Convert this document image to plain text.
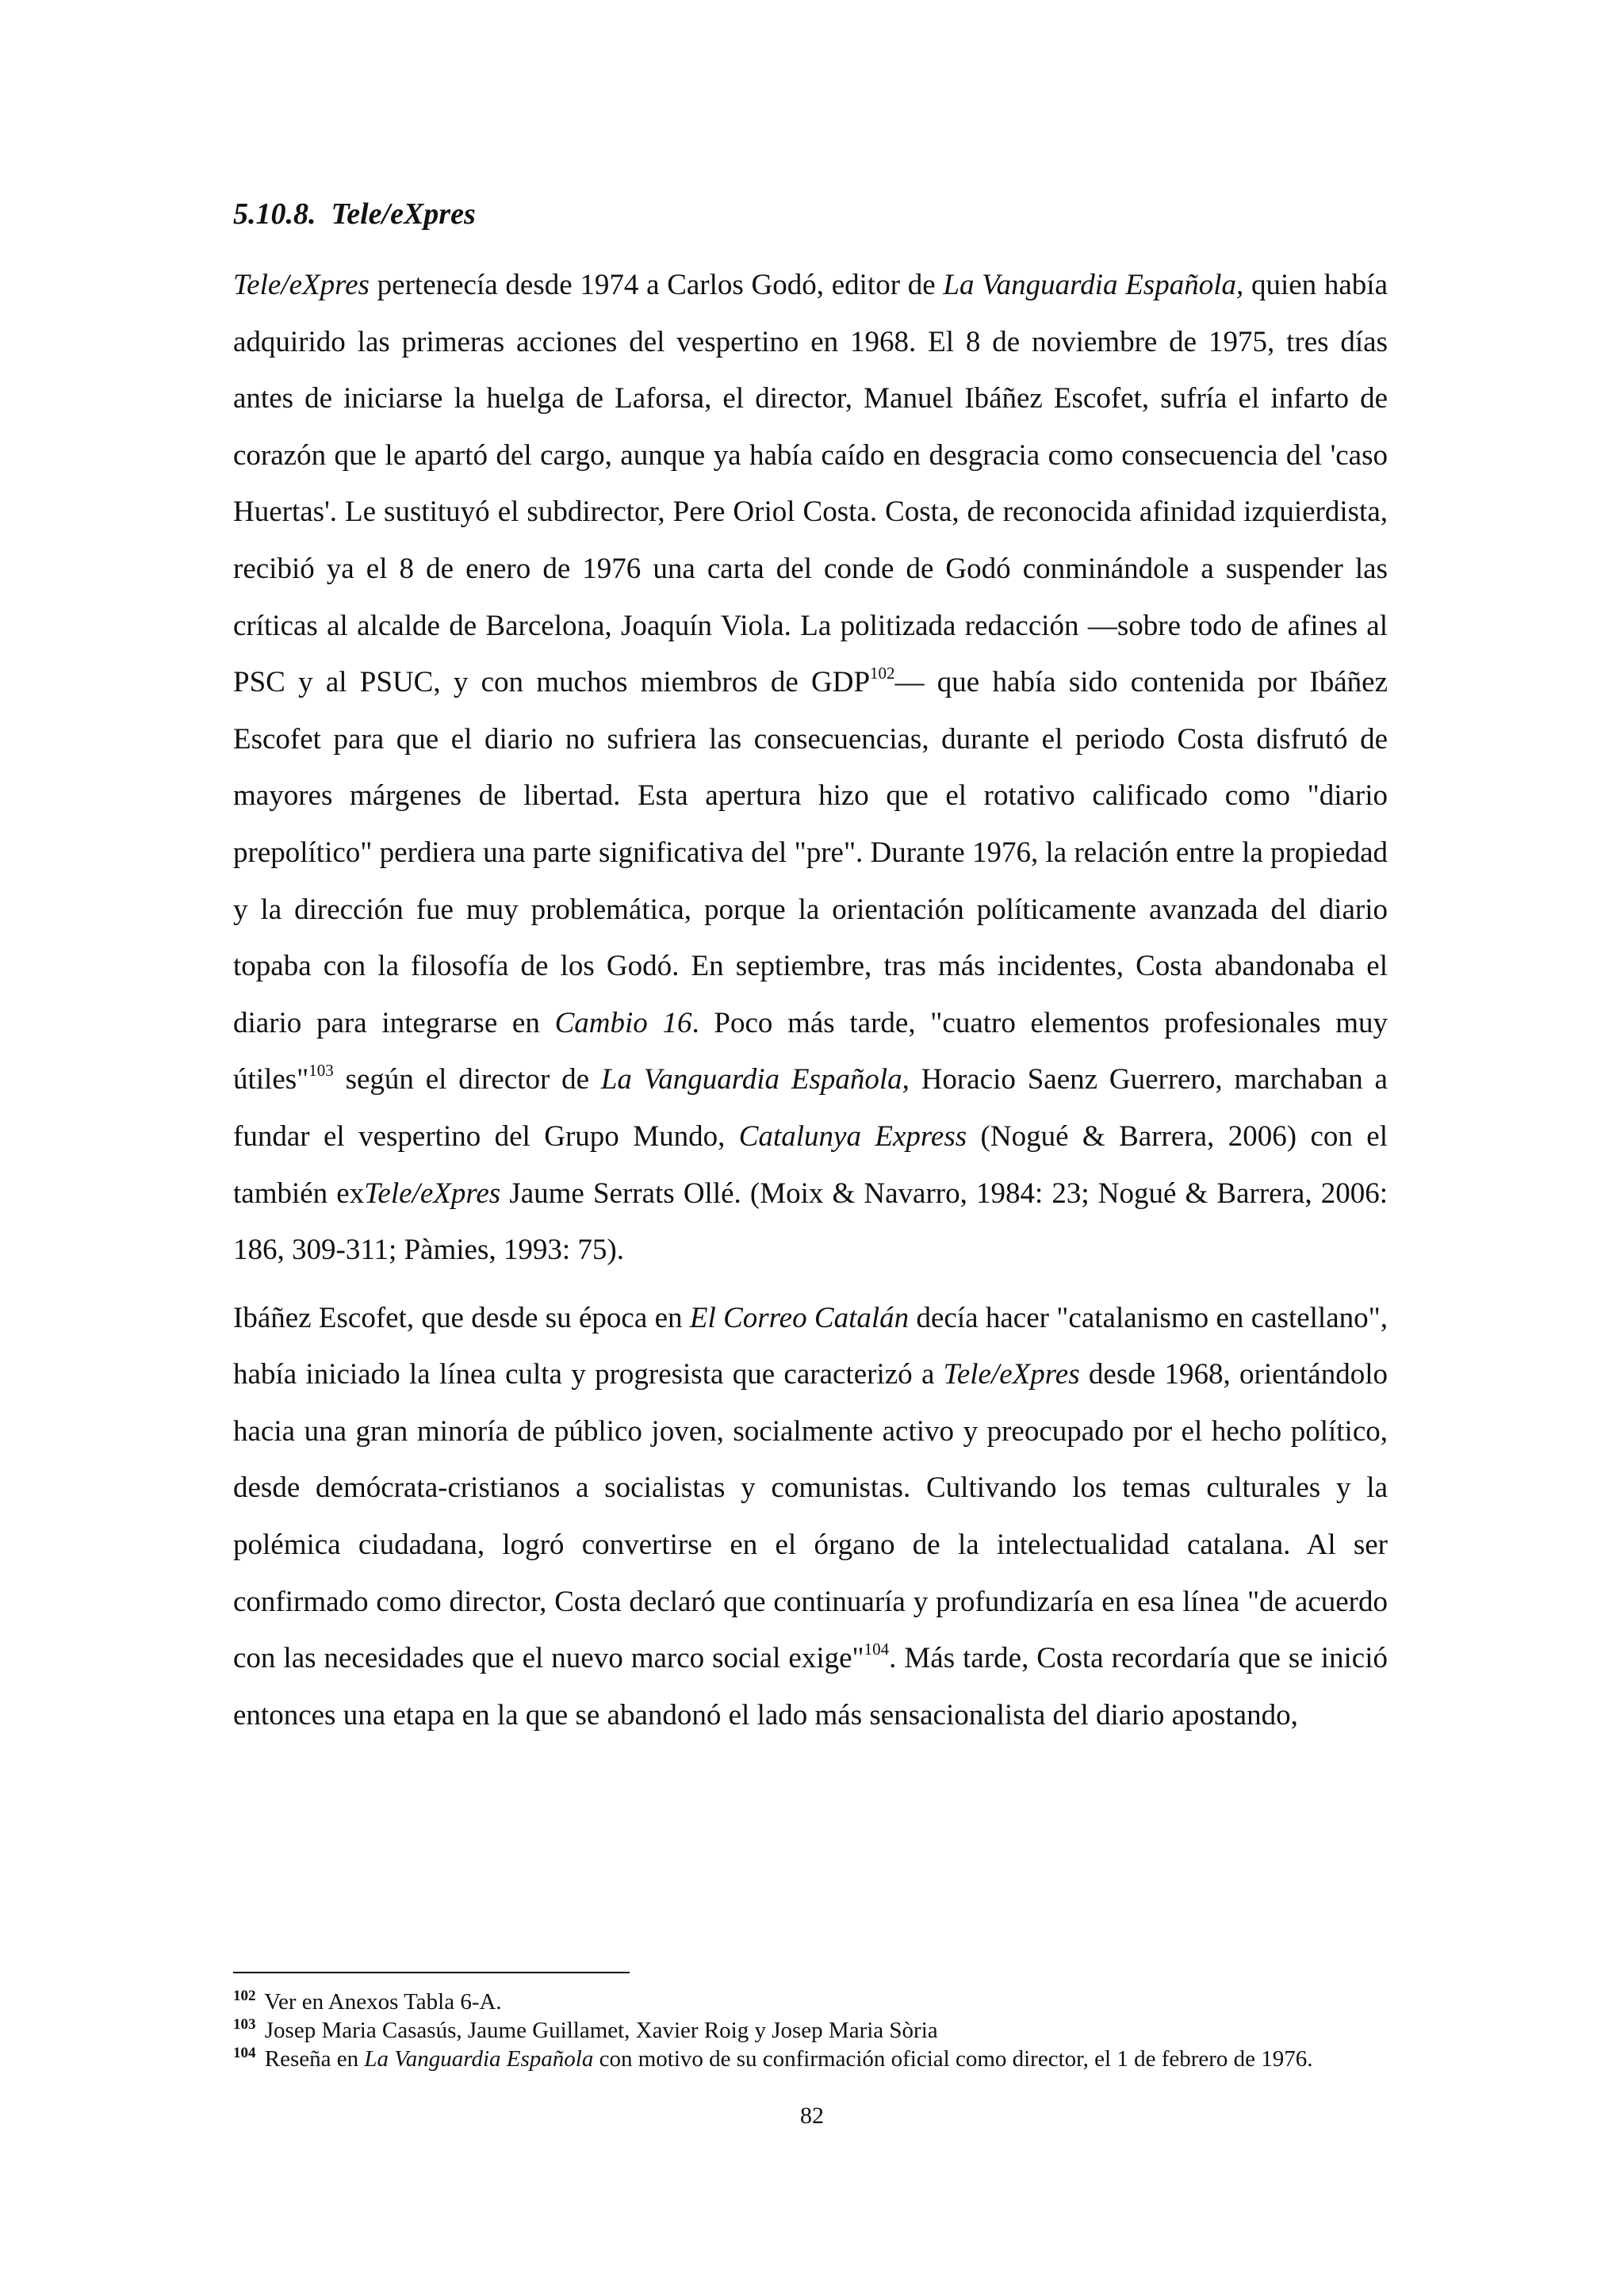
5.10.8. Tele/eXpres

Tele/eXpres pertenecía desde 1974 a Carlos Godó, editor de La Vanguardia Española, quien había adquirido las primeras acciones del vespertino en 1968. El 8 de noviembre de 1975, tres días antes de iniciarse la huelga de Laforsa, el director, Manuel Ibáñez Escofet, sufría el infarto de corazón que le apartó del cargo, aunque ya había caído en desgracia como consecuencia del 'caso Huertas'. Le sustituyó el subdirector, Pere Oriol Costa. Costa, de reconocida afinidad izquierdista, recibió ya el 8 de enero de 1976 una carta del conde de Godó conminándole a suspender las críticas al alcalde de Barcelona, Joaquín Viola. La politizada redacción —sobre todo de afines al PSC y al PSUC, y con muchos miembros de GDP$^{102}$— que había sido contenida por Ibáñez Escofet para que el diario no sufriera las consecuencias, durante el periodo Costa disfrutó de mayores márgenes de libertad. Esta apertura hizo que el rotativo calificado como "diario prepolítico" perdiera una parte significativa del "pre". Durante 1976, la relación entre la propiedad y la dirección fue muy problemática, porque la orientación políticamente avanzada del diario topaba con la filosofía de los Godó. En septiembre, tras más incidentes, Costa abandonaba el diario para integrarse en Cambio 16. Poco más tarde, "cuatro elementos profesionales muy útiles"$^{103}$ según el director de La Vanguardia Española, Horacio Saenz Guerrero, marchaban a fundar el vespertino del Grupo Mundo, Catalunya Express (Nogué & Barrera, 2006) con el también exTele/eXpres Jaume Serrats Ollé. (Moix & Navarro, 1984: 23; Nogué & Barrera, 2006: 186, 309-311; Pàmies, 1993: 75).

Ibáñez Escofet, que desde su época en El Correo Catalán decía hacer "catalanismo en castellano", había iniciado la línea culta y progresista que caracterizó a Tele/eXpres desde 1968, orientándolo hacia una gran minoría de público joven, socialmente activo y preocupado por el hecho político, desde demócrata-cristianos a socialistas y comunistas. Cultivando los temas culturales y la polémica ciudadana, logró convertirse en el órgano de la intelectualidad catalana. Al ser confirmado como director, Costa declaró que continuaría y profundizaría en esa línea "de acuerdo con las necesidades que el nuevo marco social exige"$^{104}$. Más tarde, Costa recordaría que se inició entonces una etapa en la que se abandonó el lado más sensacionalista del diario apostando,

$^{102}$ Ver en Anexos Tabla 6-A.

$^{103}$ Josep Maria Casasús, Jaume Guillamet, Xavier Roig y Josep Maria Sòria

$^{104}$ Reseña en La Vanguardia Española con motivo de su confirmación oficial como director, el 1 de febrero de 1976.

82
